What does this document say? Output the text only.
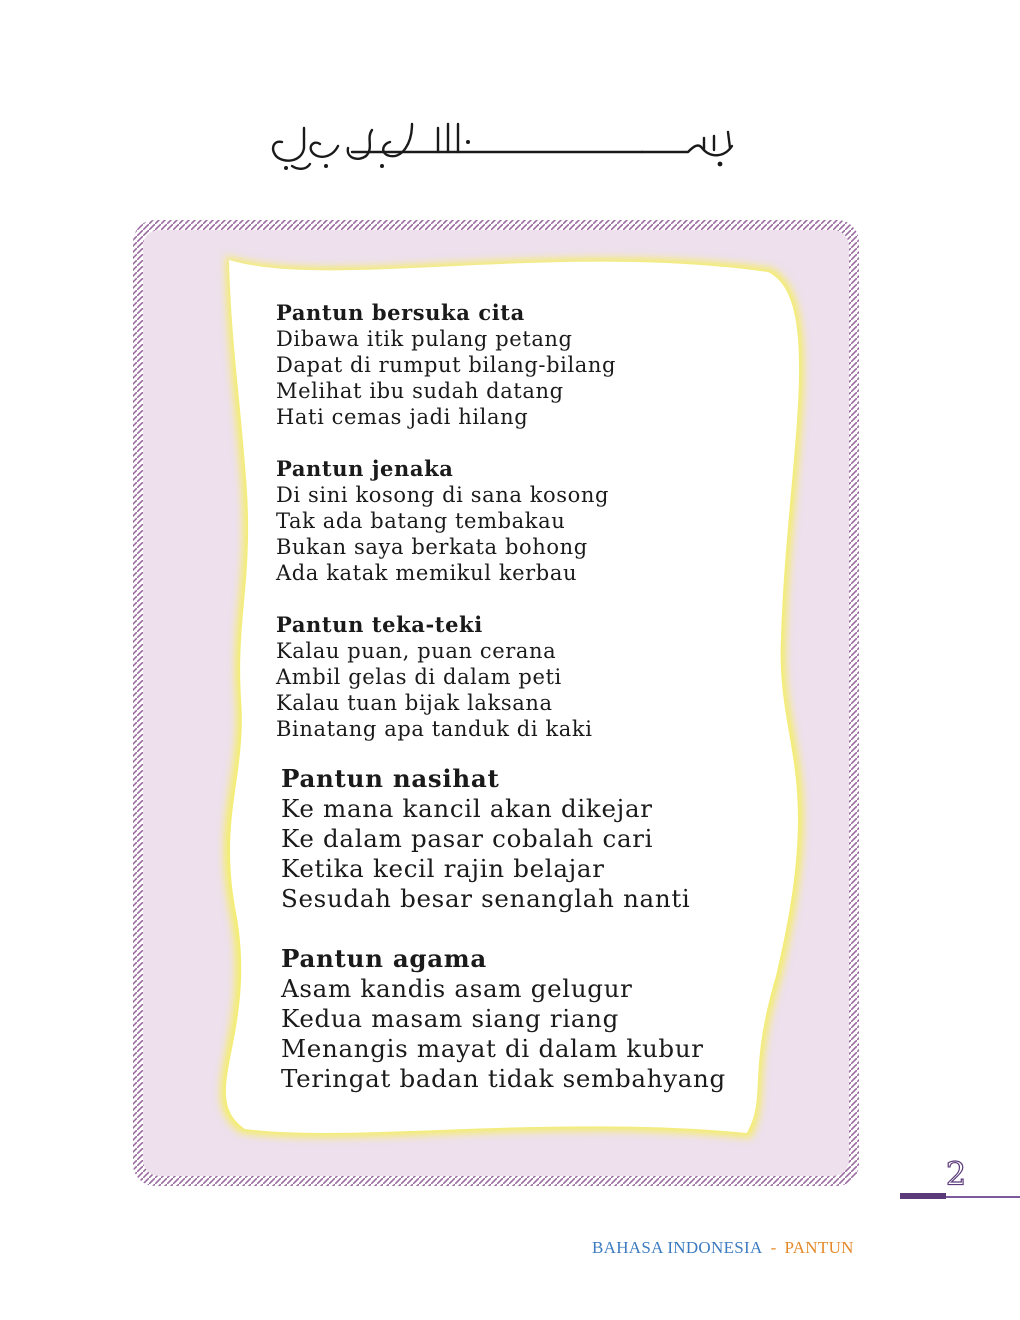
Pantun bersuka cita
Dibawa itik pulang petang
Dapat di rumput bilang-bilang
Melihat ibu sudah datang
Hati cemas jadi hilang
Pantun jenaka
Di sini kosong di sana kosong
Tak ada batang tembakau
Bukan saya berkata bohong
Ada katak memikul kerbau
Pantun teka-teki
Kalau puan, puan cerana
Ambil gelas di dalam peti
Kalau tuan bijak laksana
Binatang apa tanduk di kaki
Pantun nasihat
Ke mana kancil akan dikejar
Ke dalam pasar cobalah cari
Ketika kecil rajin belajar
Sesudah besar senanglah nanti
Pantun agama
Asam kandis asam gelugur
Kedua masam siang riang
Menangis mayat di dalam kubur
Teringat badan tidak sembahyang
2
BAHASA INDONESIA - PANTUN
